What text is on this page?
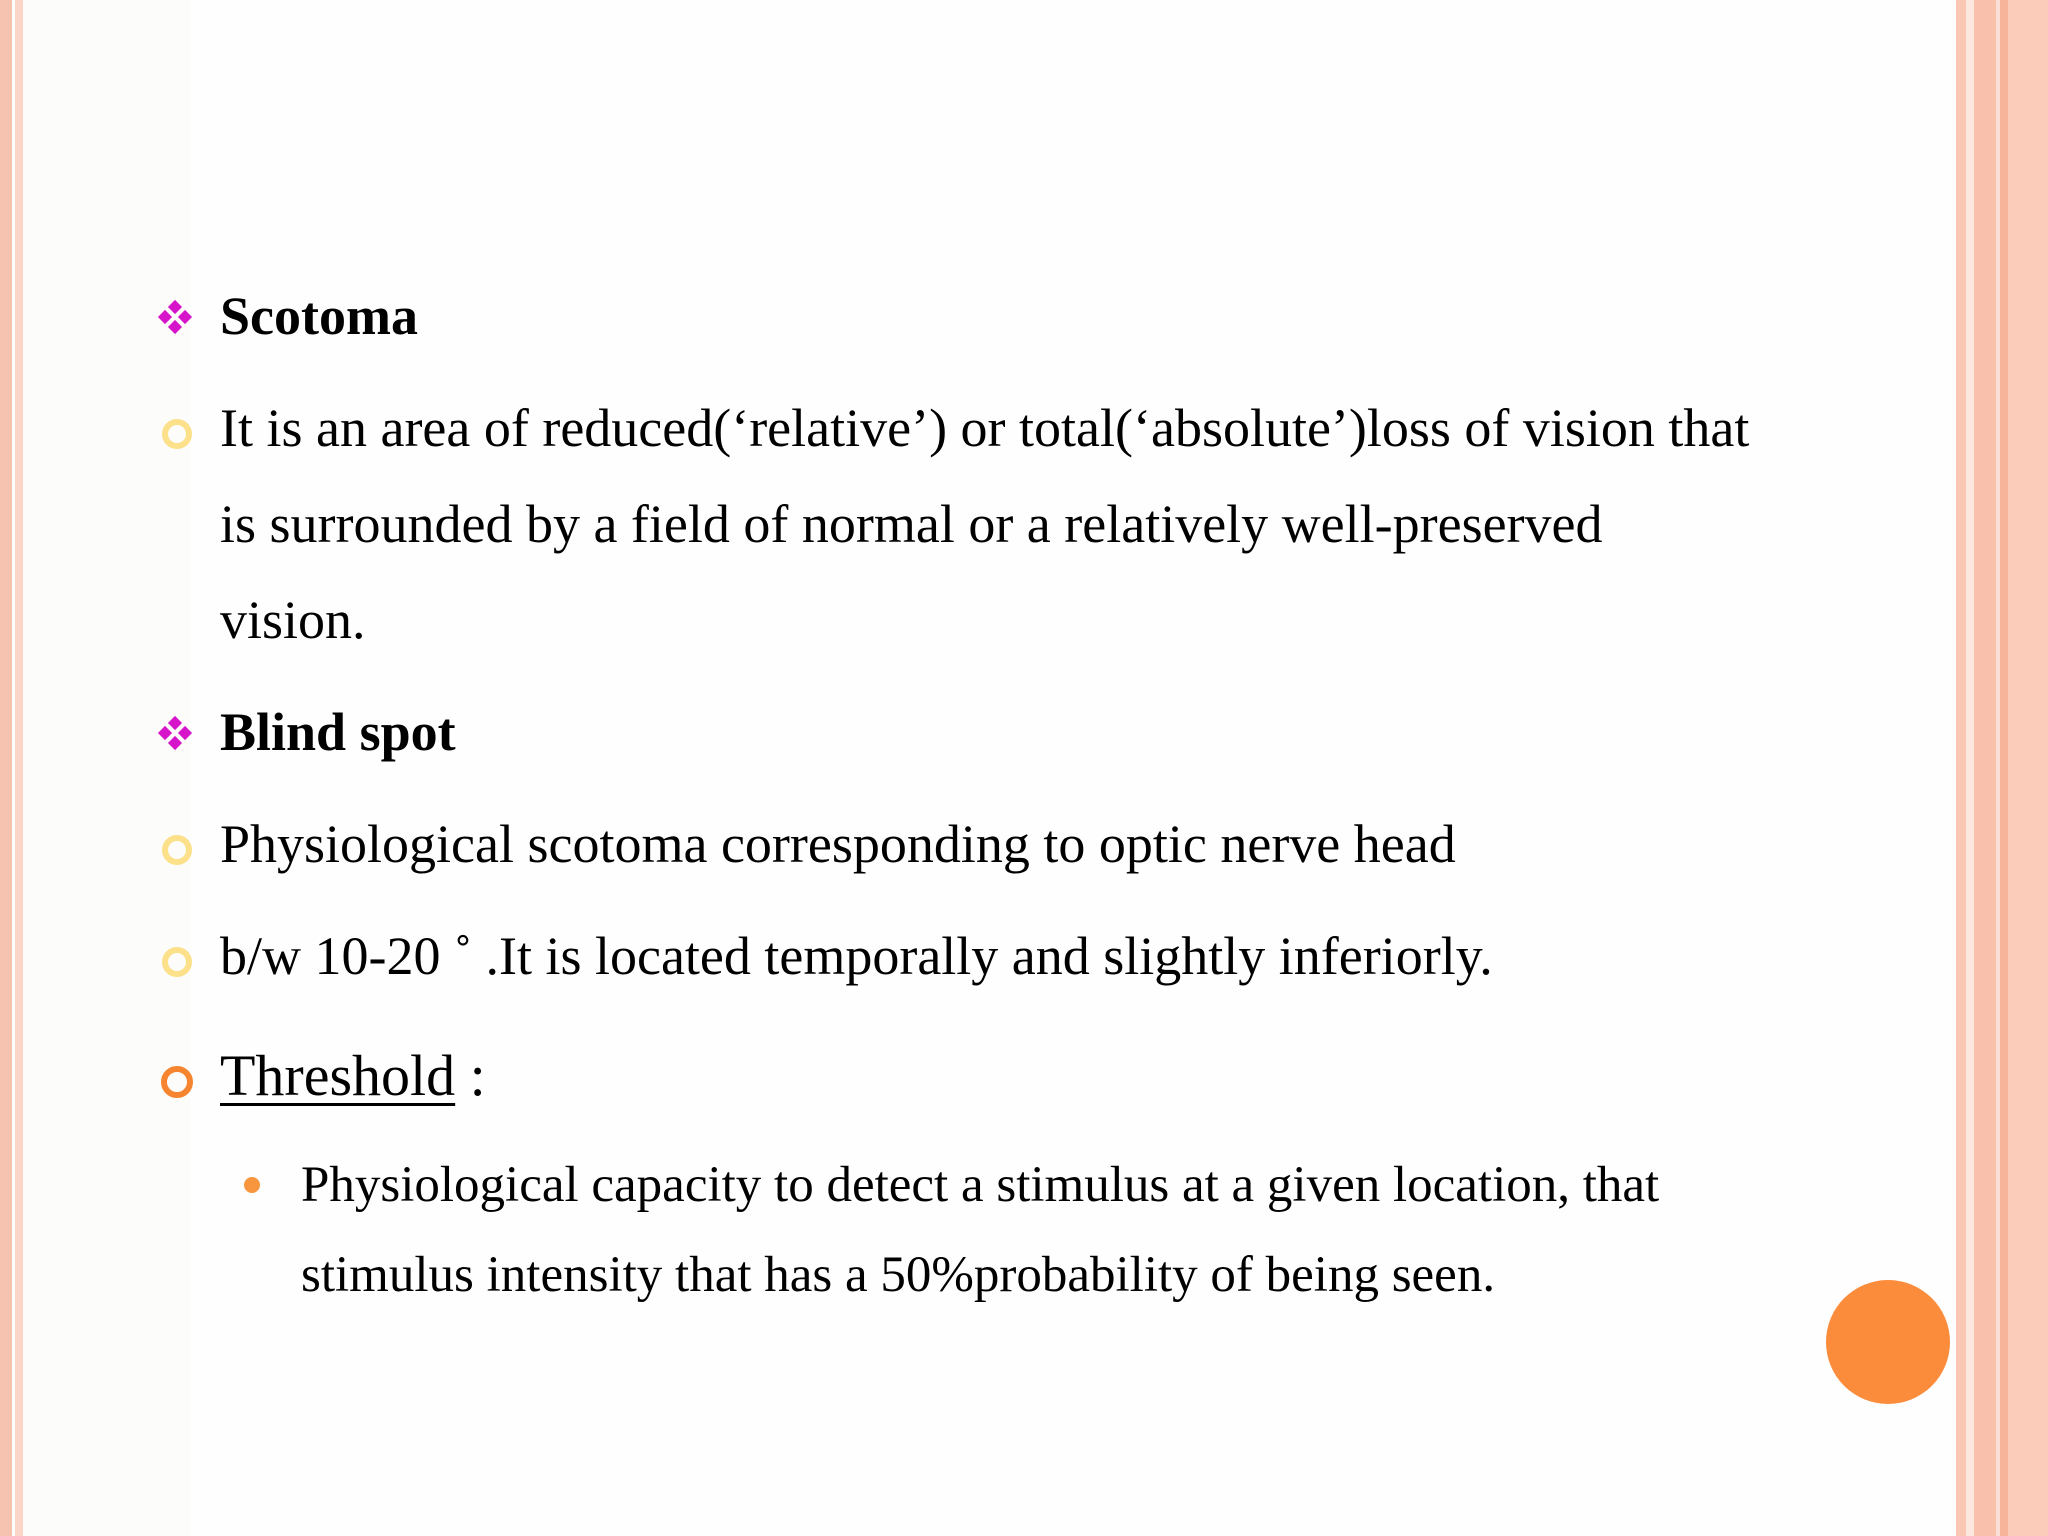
Scotoma
It is an area of reduced(‘relative’) or total(‘absolute’)loss of vision that
is surrounded by a field of normal or a relatively well-preserved
vision.
Blind spot
Physiological scotoma corresponding to optic nerve head
b/w 10-20 ˚ .It is located temporally and slightly inferiorly.
Threshold :
Physiological capacity to detect a stimulus at a given location, that
stimulus intensity that has a 50%probability of being seen.
